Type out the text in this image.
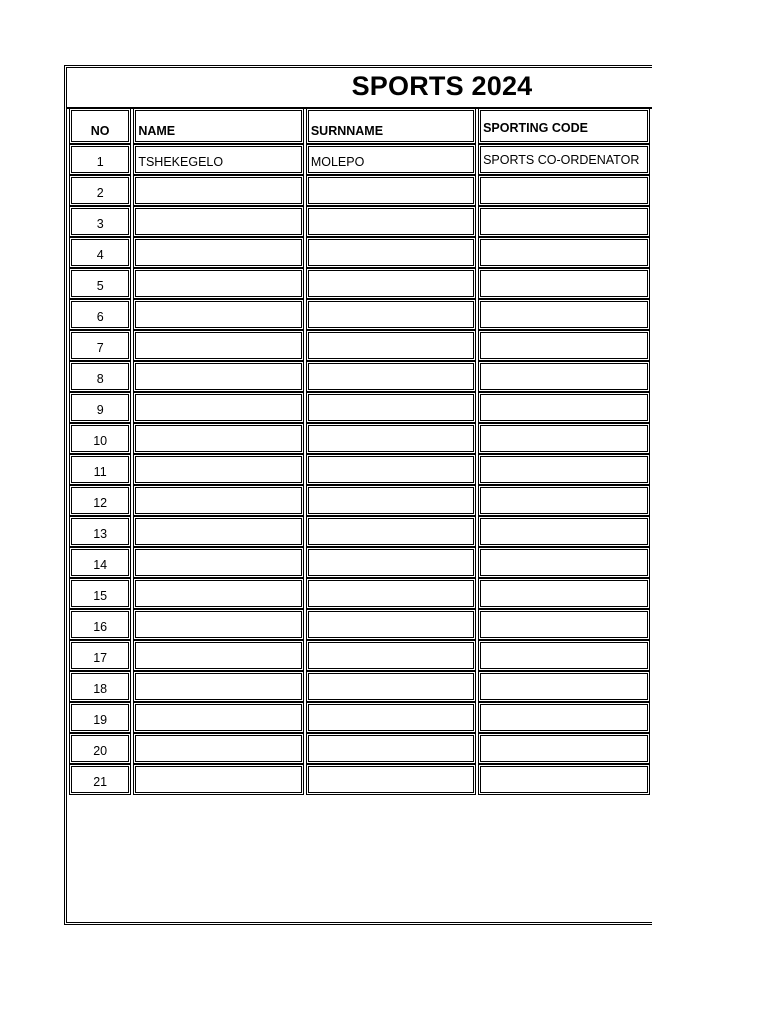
SPORTS 2024
NO	NAME	SURNNAME	SPORTING CODE

1	TSHEKEGELO	MOLEPO	SPORTS CO-ORDENATOR

2			

3			

4			

5			

6			

7			

8			

9			

10			

11			

12			

13			

14			

15			

16			

17			

18			

19			

20			

21			
